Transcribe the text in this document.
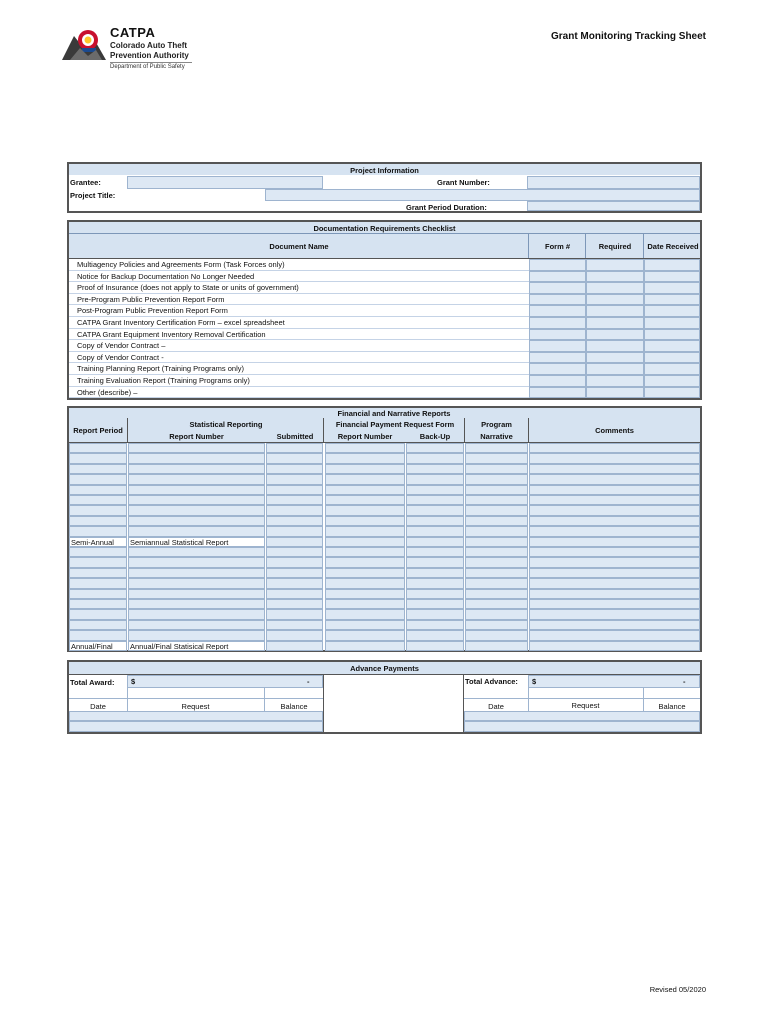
CATPA
Colorado Auto Theft
Prevention Authority
Department of Public Safety
Grant Monitoring Tracking Sheet
Project Information
Grantee:	Grant Number:
Project Title:
Grant Period Duration:
Documentation Requirements Checklist
Document Name	Form #	Required	Date Received
Multiagency Policies and Agreements Form (Task Forces only)
Notice for Backup Documentation No Longer Needed
Proof of Insurance (does not apply to State or units of government)
Pre-Program Public Prevention Report Form
Post-Program Public Prevention Report Form
CATPA Grant Inventory Certification Form – excel spreadsheet
CATPA Grant Equipment Inventory Removal Certification
Copy of Vendor Contract –
Copy of Vendor Contract -
Training Planning Report (Training Programs only)
Training Evaluation Report (Training Programs only)
Other (describe) –
Financial and Narrative Reports
Report Period
Statistical Reporting
Report Number	Submitted
Financial Payment Request Form
Report Number	Back-Up
Program
Narrative
Comments
Semi-Annual	Semiannual Statistical Report
Annual/Final	Annual/Final Statisical Report
Advance Payments
Total Award: $	-
Date	Request	Balance
Total Advance: $	-
Date	Request	Balance
Revised 05/2020
